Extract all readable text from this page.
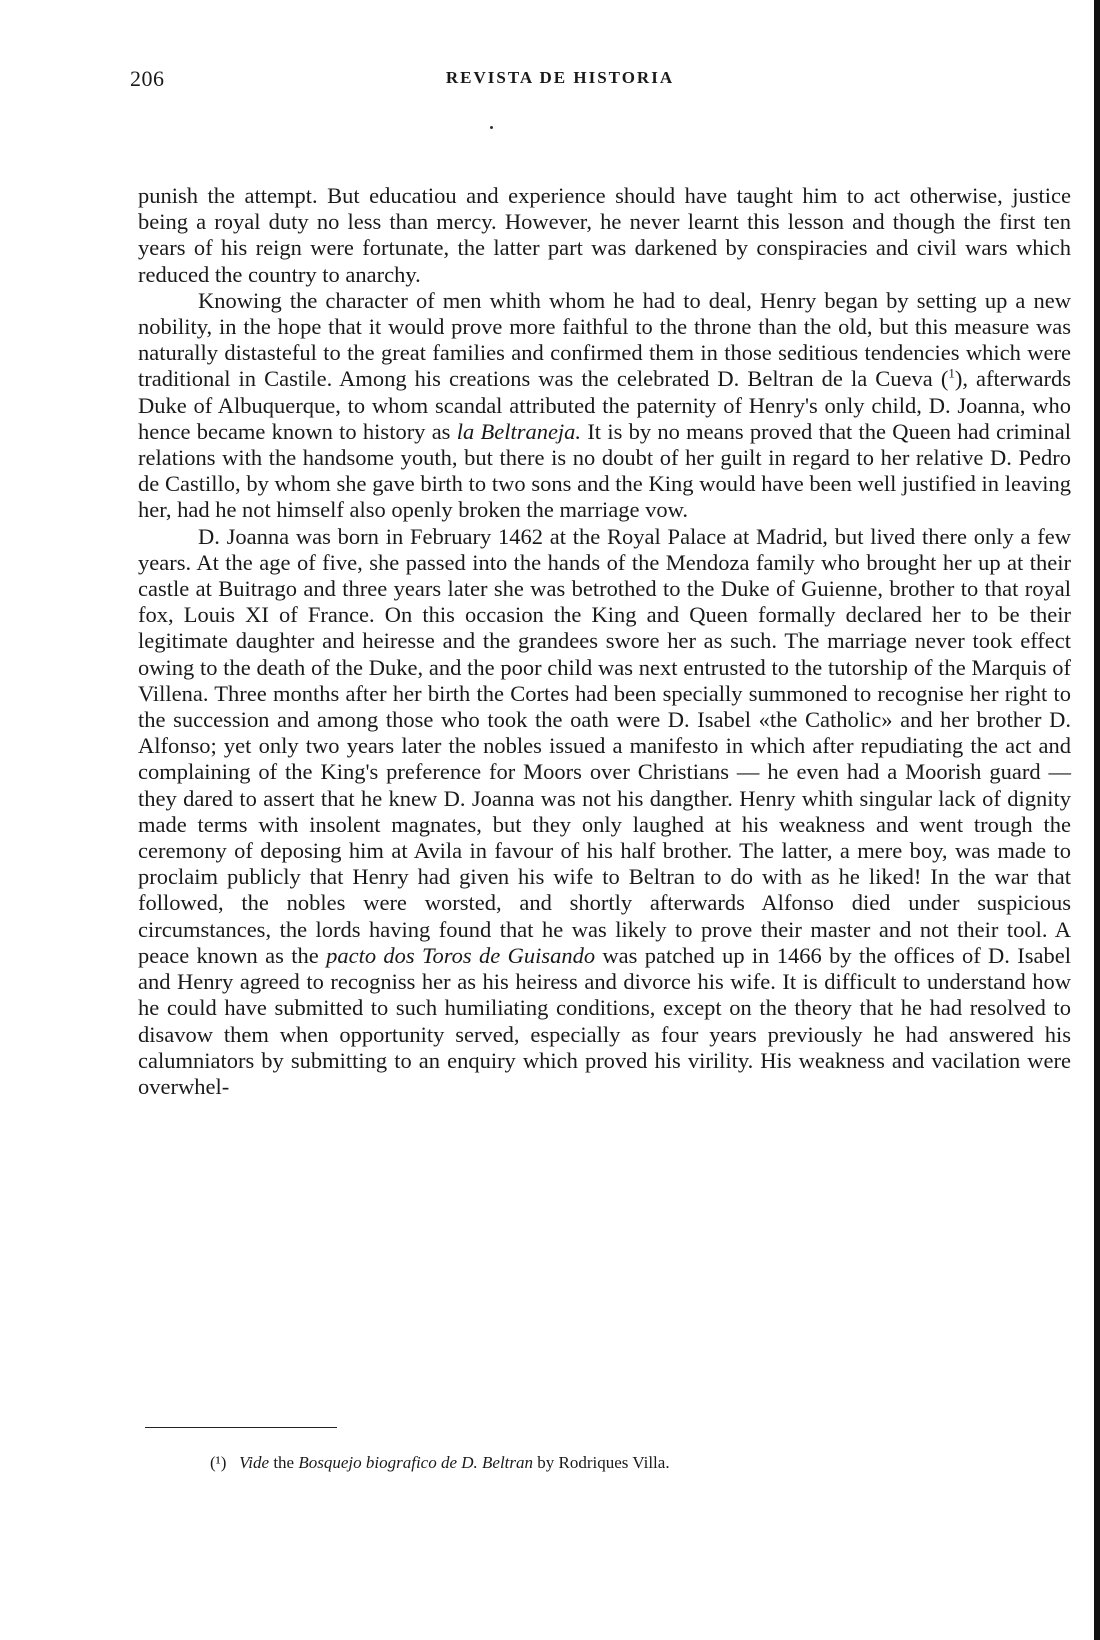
206	REVISTA DE HISTORIA

punish the attempt. But educatiou and experience should have taught him to act otherwise, justice being a royal duty no less than mercy. However, he never learnt this lesson and though the first ten years of his reign were fortunate, the latter part was darkened by conspiracies and civil wars which reduced the country to anarchy.

Knowing the character of men whith whom he had to deal, Henry began by setting up a new nobility, in the hope that it would prove more faithful to the throne than the old, but this measure was naturally distasteful to the great families and confirmed them in those seditious tendencies which were traditional in Castile. Among his creations was the celebrated D. Beltran de la Cueva ($^1$), afterwards Duke of Albuquerque, to whom scandal attributed the paternity of Henry's only child, D. Joanna, who hence became known to history as la Beltraneja. It is by no means proved that the Queen had criminal relations with the handsome youth, but there is no doubt of her guilt in regard to her relative D. Pedro de Castillo, by whom she gave birth to two sons and the King would have been well justified in leaving her, had he not himself also openly broken the marriage vow.

D. Joanna was born in February 1462 at the Royal Palace at Madrid, but lived there only a few years. At the age of five, she passed into the hands of the Mendoza family who brought her up at their castle at Buitrago and three years later she was betrothed to the Duke of Guienne, brother to that royal fox, Louis XI of France. On this occasion the King and Queen formally declared her to be their legitimate daughter and heiresse and the grandees swore her as such. The marriage never took effect owing to the death of the Duke, and the poor child was next entrusted to the tutorship of the Marquis of Villena. Three months after her birth the Cortes had been specially summoned to recognise her right to the succession and among those who took the oath were D. Isabel «the Catholic» and her brother D. Alfonso; yet only two years later the nobles issued a manifesto in which after repudiating the act and complaining of the King's preference for Moors over Christians — he even had a Moorish guard — they dared to assert that he knew D. Joanna was not his dangther. Henry whith singular lack of dignity made terms with insolent magnates, but they only laughed at his weakness and went trough the ceremony of deposing him at Avila in favour of his half brother. The latter, a mere boy, was made to proclaim publicly that Henry had given his wife to Beltran to do with as he liked! In the war that followed, the nobles were worsted, and shortly afterwards Alfonso died under suspicious circumstances, the lords having found that he was likely to prove their master and not their tool. A peace known as the pacto dos Toros de Guisando was patched up in 1466 by the offices of D. Isabel and Henry agreed to recogniss her as his heiress and divorce his wife. It is difficult to understand how he could have submitted to such humiliating conditions, except on the theory that he had resolved to disavow them when opportunity served, especially as four years previously he had answered his calumniators by submitting to an enquiry which proved his virility. His weakness and vacilation were overwhel-

(¹) Vide the Bosquejo biografico de D. Beltran by Rodriques Villa.
